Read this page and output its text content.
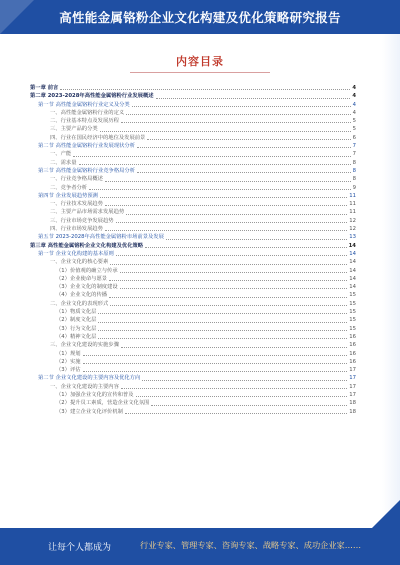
高性能金属铬粉企业文化构建及优化策略研究报告
内容目录
第一章 前言	4
第二章 2023-2028年高性能金属铬粉行业发展概述	4
第一节 高性能金属铬粉行业定义及分类	4
一、高性能金属铬粉行业的定义	4
二、行业基本特点及发展历程	5
三、主要产品的分类	5
四、行业在国民经济中的地位及发展前景	6
第二节 高性能金属铬粉行业发展现状分析	7
一、产能	7
二、需求量	8
第三节 高性能金属铬粉行业竞争格局分析	8
一、行业竞争格局概述	8
二、竞争者分析	9
第四节 企业发展趋势预测	11
一、行业技术发展趋势	11
二、主要产品市场需求发展趋势	11
三、行业市场竞争发展趋势	12
四、行业市场发展趋势	12
第五节 2023-2028年高性能金属铬粉市场前景及发展	13
第三章 高性能金属铬粉企业文化构建及优化策略	14
第一节 企业文化构建的基本原则	14
一、企业文化的核心要素	14
（1）价值观的确立与传承	14
（2）企业使命与愿景	14
（3）企业文化的制度建设	14
（4）企业文化的传播	15
二、企业文化的表现形式	15
（1）物质文化层	15
（2）制度文化层	15
（3）行为文化层	15
（4）精神文化层	16
三、企业文化建设的实施步骤	16
（1）规划	16
（2）实施	16
（3）评估	17
第二节 企业文化建设的主要内容及优化方向	17
一、企业文化建设的主要内容	17
（1）加强企业文化的宣传和普及	17
（2）提升员工素质，营造企业文化氛围	18
（3）建立企业文化评价机制	18
让每个人都成为	行业专家、管理专家、咨询专家、战略专家、成功企业家……
